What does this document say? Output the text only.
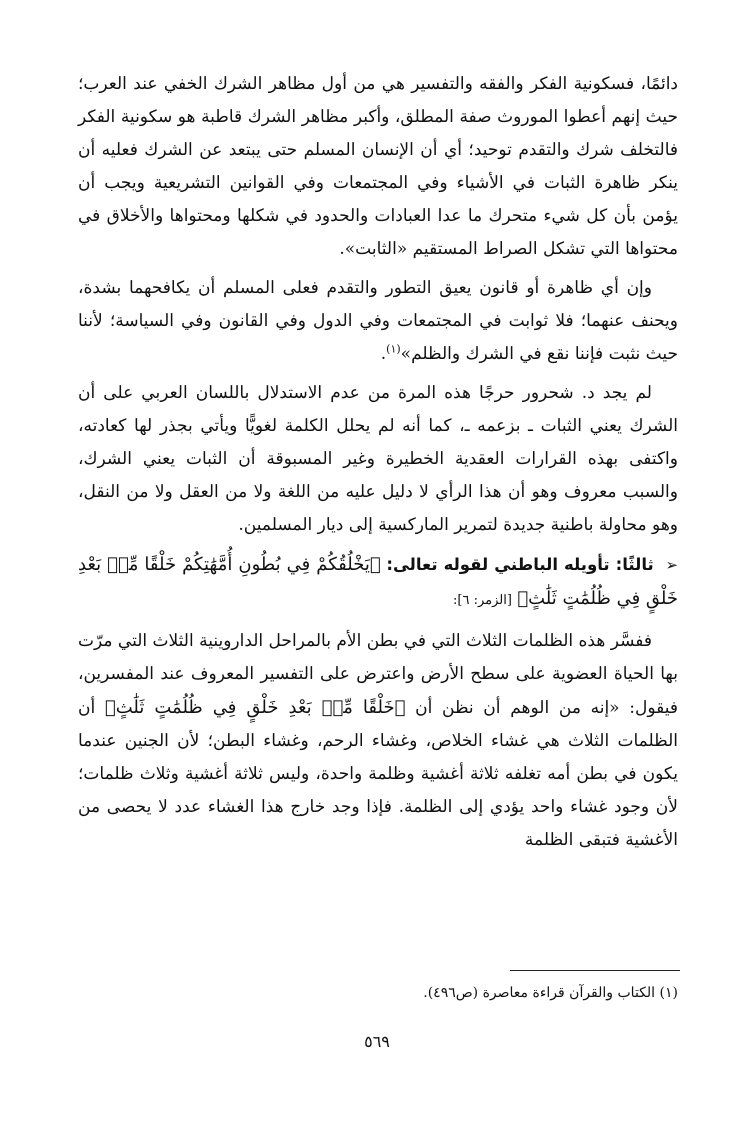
دائمًا، فسكونية الفكر والفقه والتفسير هي من أول مظاهر الشرك الخفي عند العرب؛ حيث إنهم أعطوا الموروث صفة المطلق، وأكبر مظاهر الشرك قاطبة هو سكونية الفكر فالتخلف شرك والتقدم توحيد؛ أي أن الإنسان المسلم حتى يبتعد عن الشرك فعليه أن ينكر ظاهرة الثبات في الأشياء وفي المجتمعات وفي القوانين التشريعية ويجب أن يؤمن بأن كل شيء متحرك ما عدا العبادات والحدود في شكلها ومحتواها والأخلاق في محتواها التي تشكل الصراط المستقيم «الثابت».

وإن أي ظاهرة أو قانون يعيق التطور والتقدم فعلى المسلم أن يكافحهما بشدة، ويحنف عنهما؛ فلا ثوابت في المجتمعات وفي الدول وفي القانون وفي السياسة؛ لأننا حيث نثبت فإننا نقع في الشرك والظلم»$^{(١)}$.

لم يجد د. شحرور حرجًا هذه المرة من عدم الاستدلال باللسان العربي على أن الشرك يعني الثبات ـ بزعمه ـ، كما أنه لم يحلل الكلمة لغويًّا ويأتي بجذر لها كعادته، واكتفى بهذه القرارات العقدية الخطيرة وغير المسبوقة أن الثبات يعني الشرك، والسبب معروف وهو أن هذا الرأي لا دليل عليه من اللغة ولا من العقل ولا من النقل، وهو محاولة باطنية جديدة لتمرير الماركسية إلى ديار المسلمين.

➢ ثالثًا: تأويله الباطني لقوله تعالى: ﴿يَخْلُقُكُمْ فِي بُطُونِ أُمَّهَٰتِكُمْ خَلْقًا مِّنۢ بَعْدِ خَلْقٍ فِي ظُلُمَٰتٍ ثَلَٰثٍ﴾ [الزمر: ٦]:

ففسَّر هذه الظلمات الثلاث التي في بطن الأم بالمراحل الداروينية الثلاث التي مرّت بها الحياة العضوية على سطح الأرض واعترض على التفسير المعروف عند المفسرين، فيقول: «إنه من الوهم أن نظن أن ﴿خَلْقًا مِّنۢ بَعْدِ خَلْقٍ فِي ظُلُمَٰتٍ ثَلَٰثٍ﴾ أن الظلمات الثلاث هي غشاء الخلاص، وغشاء الرحم، وغشاء البطن؛ لأن الجنين عندما يكون في بطن أمه تغلفه ثلاثة أغشية وظلمة واحدة، وليس ثلاثة أغشية وثلاث ظلمات؛ لأن وجود غشاء واحد يؤدي إلى الظلمة. فإذا وجد خارج هذا الغشاء عدد لا يحصى من الأغشية فتبقى الظلمة

(١) الكتاب والقرآن قراءة معاصرة (ص٤٩٦).
٥٦٩
